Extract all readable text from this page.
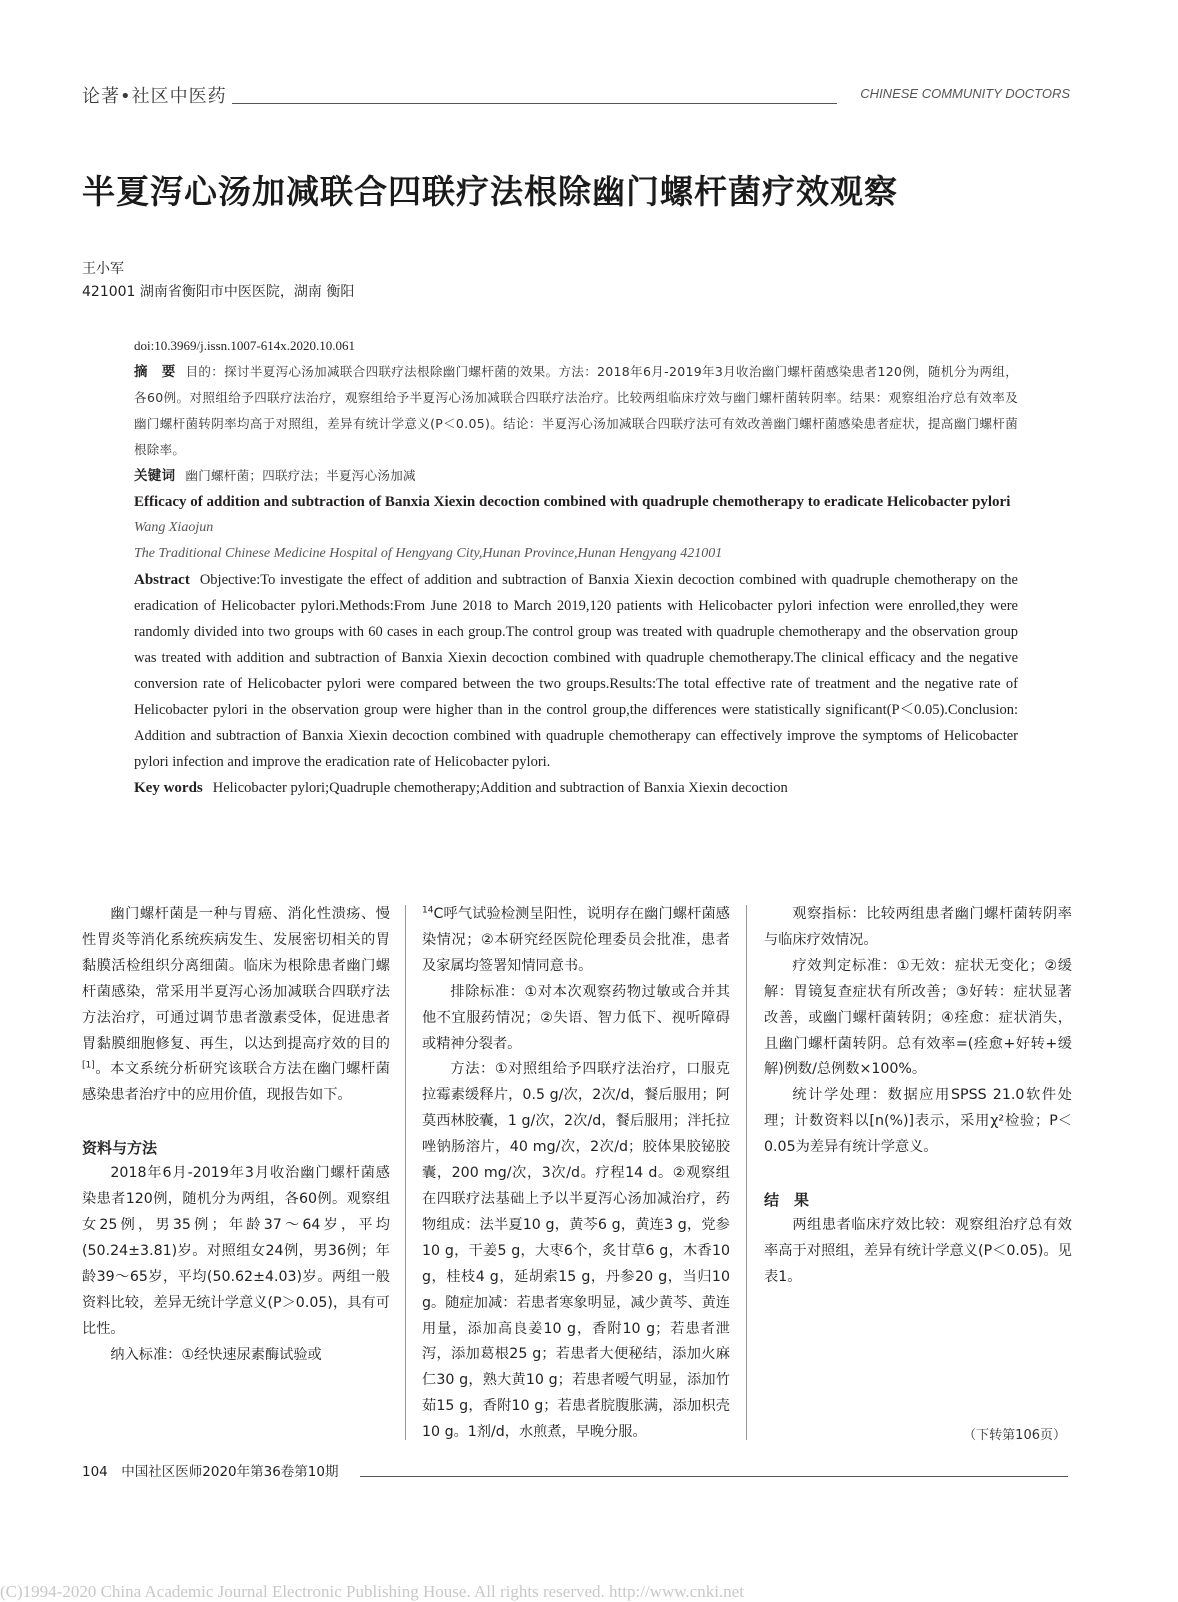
论著•社区中医药	CHINESE COMMUNITY DOCTORS
半夏泻心汤加减联合四联疗法根除幽门螺杆菌疗效观察
王小军
421001 湖南省衡阳市中医医院，湖南 衡阳
doi:10.3969/j.issn.1007-614x.2020.10.061
摘　要 目的：探讨半夏泻心汤加减联合四联疗法根除幽门螺杆菌的效果。方法：2018年6月-2019年3月收治幽门螺杆菌感染患者120例，随机分为两组，各60例。对照组给予四联疗法治疗，观察组给予半夏泻心汤加减联合四联疗法治疗。比较两组临床疗效与幽门螺杆菌转阴率。结果：观察组治疗总有效率及幽门螺杆菌转阴率均高于对照组，差异有统计学意义(P＜0.05)。结论：半夏泻心汤加减联合四联疗法可有效改善幽门螺杆菌感染患者症状，提高幽门螺杆菌根除率。
关键词 幽门螺杆菌；四联疗法；半夏泻心汤加减
Efficacy of addition and subtraction of Banxia Xiexin decoction combined with quadruple chemotherapy to eradicate Helicobacter pylori
Wang Xiaojun
The Traditional Chinese Medicine Hospital of Hengyang City,Hunan Province,Hunan Hengyang 421001
Abstract Objective:To investigate the effect of addition and subtraction of Banxia Xiexin decoction combined with quadruple chemotherapy on the eradication of Helicobacter pylori.Methods:From June 2018 to March 2019,120 patients with Helicobacter pylori infection were enrolled,they were randomly divided into two groups with 60 cases in each group.The control group was treated with quadruple chemotherapy and the observation group was treated with addition and subtraction of Banxia Xiexin decoction combined with quadruple chemotherapy.The clinical efficacy and the negative conversion rate of Helicobacter pylori were compared between the two groups.Results:The total effective rate of treatment and the negative rate of Helicobacter pylori in the observation group were higher than in the control group,the differences were statistically significant(P＜0.05).Conclusion: Addition and subtraction of Banxia Xiexin decoction combined with quadruple chemotherapy can effectively improve the symptoms of Helicobacter pylori infection and improve the eradication rate of Helicobacter pylori.
Key words Helicobacter pylori;Quadruple chemotherapy;Addition and subtraction of Banxia Xiexin decoction

幽门螺杆菌是一种与胃癌、消化性溃疡、慢性胃炎等消化系统疾病发生、发展密切相关的胃黏膜活检组织分离细菌。临床为根除患者幽门螺杆菌感染，常采用半夏泻心汤加减联合四联疗法方法治疗，可通过调节患者激素受体，促进患者胃黏膜细胞修复、再生，以达到提高疗效的目的[1]。本文系统分析研究该联合方法在幽门螺杆菌感染患者治疗中的应用价值，现报告如下。

资料与方法

2018年6月-2019年3月收治幽门螺杆菌感染患者120例，随机分为两组，各60例。观察组女25例，男35例；年龄37～64岁，平均(50.24±3.81)岁。对照组女24例，男36例；年龄39～65岁，平均(50.62±4.03)岁。两组一般资料比较，差异无统计学意义(P＞0.05)，具有可比性。

纳入标准：①经快速尿素酶试验或

$^{14}$C呼气试验检测呈阳性，说明存在幽门螺杆菌感染情况；②本研究经医院伦理委员会批准，患者及家属均签署知情同意书。

排除标准：①对本次观察药物过敏或合并其他不宜服药情况；②失语、智力低下、视听障碍或精神分裂者。

方法：①对照组给予四联疗法治疗，口服克拉霉素缓释片，0.5 g/次，2次/d，餐后服用；阿莫西林胶囊，1 g/次，2次/d，餐后服用；泮托拉唑钠肠溶片，40 mg/次，2次/d；胶体果胶铋胶囊，200 mg/次，3次/d。疗程14 d。②观察组在四联疗法基础上予以半夏泻心汤加减治疗，药物组成：法半夏10 g，黄芩6 g，黄连3 g，党参10 g，干姜5 g，大枣6个，炙甘草6 g，木香10 g，桂枝4 g，延胡索15 g，丹参20 g，当归10 g。随症加减：若患者寒象明显，减少黄芩、黄连用量，添加高良姜10 g，香附10 g；若患者泄泻，添加葛根25 g；若患者大便秘结，添加火麻仁30 g，熟大黄10 g；若患者嗳气明显，添加竹茹15 g，香附10 g；若患者脘腹胀满，添加枳壳10 g。1剂/d，水煎煮，早晚分服。

观察指标：比较两组患者幽门螺杆菌转阴率与临床疗效情况。

疗效判定标准：①无效：症状无变化；②缓解：胃镜复查症状有所改善；③好转：症状显著改善，或幽门螺杆菌转阴；④痊愈：症状消失，且幽门螺杆菌转阴。总有效率=(痊愈+好转+缓解)例数/总例数×100%。

统计学处理：数据应用SPSS 21.0软件处理；计数资料以[n(%)]表示，采用χ²检验；P＜0.05为差异有统计学意义。

结　果

两组患者临床疗效比较：观察组治疗总有效率高于对照组，差异有统计学意义(P＜0.05)。见表1。

（下转第106页）
104　中国社区医师2020年第36卷第10期
(C)1994-2020 China Academic Journal Electronic Publishing House. All rights reserved. http://www.cnki.net
